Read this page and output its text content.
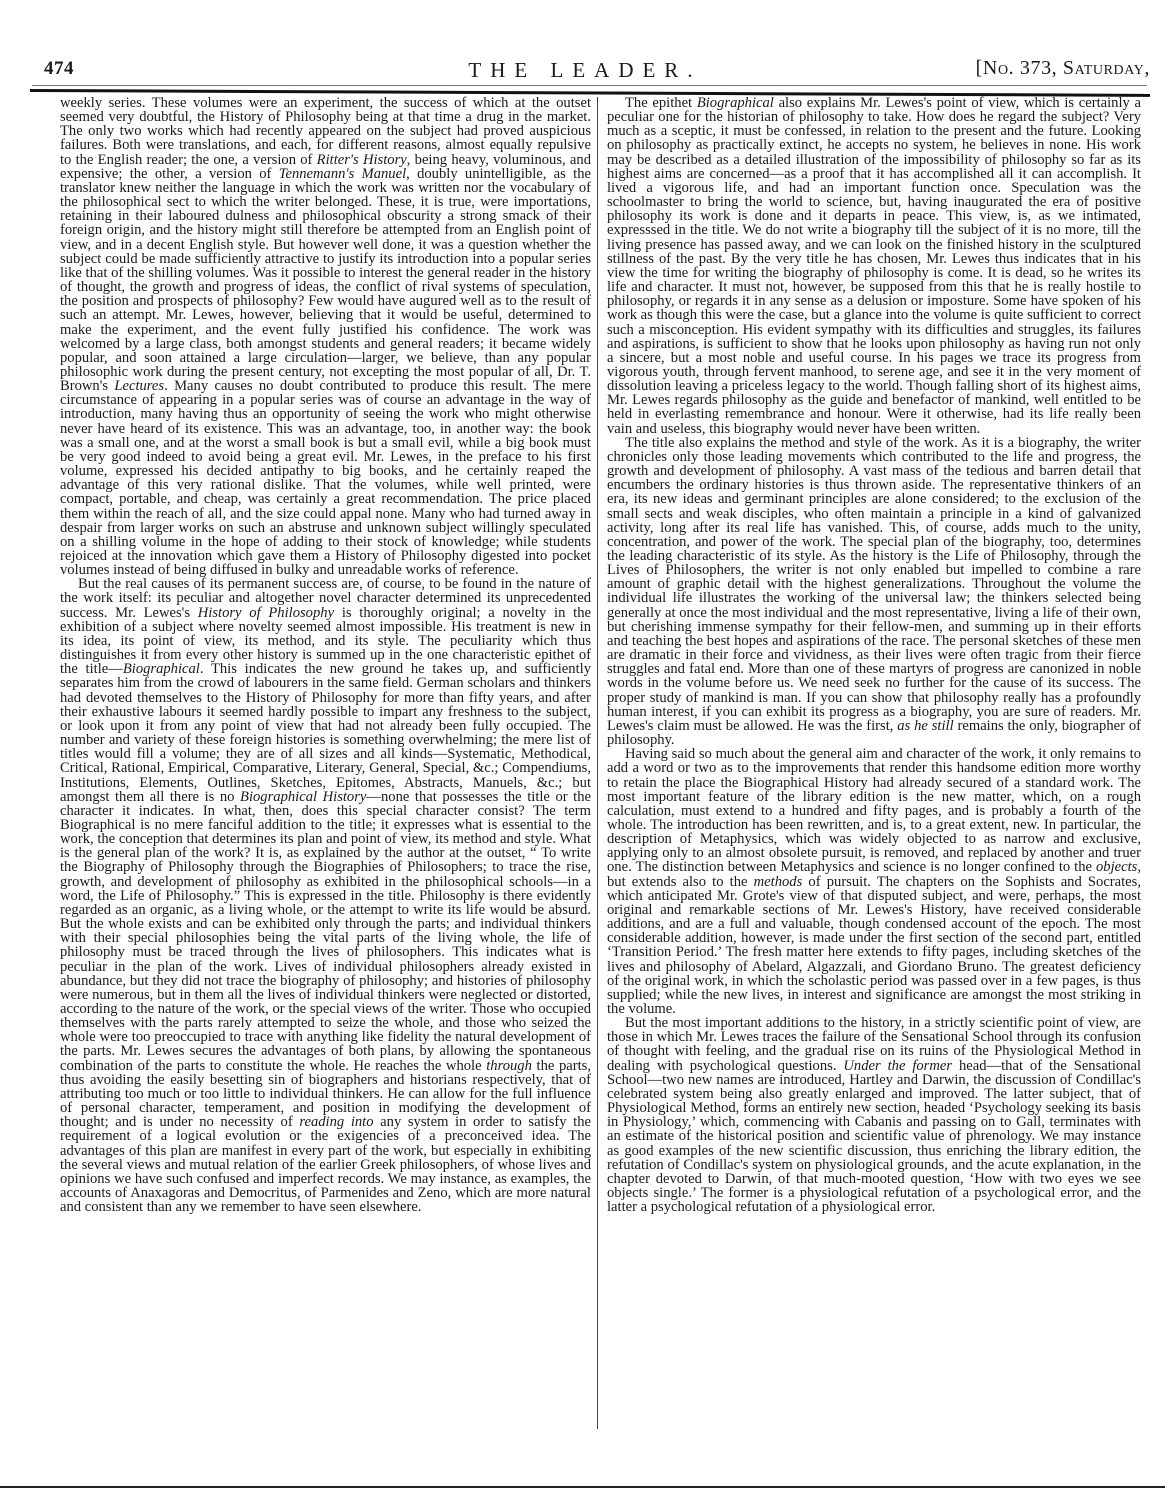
474	THE LEADER.	[No. 373, Saturday,

weekly series. These volumes were an experiment, the success of which at the outset seemed very doubtful, the History of Philosophy being at that time a drug in the market. The only two works which had recently appeared on the subject had proved auspicious failures. Both were translations, and each, for different reasons, almost equally repulsive to the English reader; the one, a version of Ritter's History, being heavy, voluminous, and expensive; the other, a version of Tennemann's Manuel, doubly unintelligible, as the translator knew neither the language in which the work was written nor the vocabulary of the philosophical sect to which the writer belonged. These, it is true, were importations, retaining in their laboured dulness and philosophical obscurity a strong smack of their foreign origin, and the history might still therefore be attempted from an English point of view, and in a decent English style. But however well done, it was a question whether the subject could be made sufficiently attractive to justify its introduction into a popular series like that of the shilling volumes. Was it possible to interest the general reader in the history of thought, the growth and progress of ideas, the conflict of rival systems of speculation, the position and prospects of philosophy? Few would have augured well as to the result of such an attempt. Mr. Lewes, however, believing that it would be useful, determined to make the experiment, and the event fully justified his confidence. The work was welcomed by a large class, both amongst students and general readers; it became widely popular, and soon attained a large circulation—larger, we believe, than any popular philosophic work during the present century, not excepting the most popular of all, Dr. T. Brown's Lectures. Many causes no doubt contributed to produce this result. The mere circumstance of appearing in a popular series was of course an advantage in the way of introduction, many having thus an opportunity of seeing the work who might otherwise never have heard of its existence. This was an advantage, too, in another way: the book was a small one, and at the worst a small book is but a small evil, while a big book must be very good indeed to avoid being a great evil. Mr. Lewes, in the preface to his first volume, expressed his decided antipathy to big books, and he certainly reaped the advantage of this very rational dislike. That the volumes, while well printed, were compact, portable, and cheap, was certainly a great recommendation. The price placed them within the reach of all, and the size could appal none. Many who had turned away in despair from larger works on such an abstruse and unknown subject willingly speculated on a shilling volume in the hope of adding to their stock of knowledge; while students rejoiced at the innovation which gave them a History of Philosophy digested into pocket volumes instead of being diffused in bulky and unreadable works of reference.

But the real causes of its permanent success are, of course, to be found in the nature of the work itself: its peculiar and altogether novel character determined its unprecedented success. Mr. Lewes's History of Philosophy is thoroughly original; a novelty in the exhibition of a subject where novelty seemed almost impossible. His treatment is new in its idea, its point of view, its method, and its style. The peculiarity which thus distinguishes it from every other history is summed up in the one characteristic epithet of the title—Biographical. This indicates the new ground he takes up, and sufficiently separates him from the crowd of labourers in the same field. German scholars and thinkers had devoted themselves to the History of Philosophy for more than fifty years, and after their exhaustive labours it seemed hardly possible to impart any freshness to the subject, or look upon it from any point of view that had not already been fully occupied. The number and variety of these foreign histories is something overwhelming; the mere list of titles would fill a volume; they are of all sizes and all kinds—Systematic, Methodical, Critical, Rational, Empirical, Comparative, Literary, General, Special, &c.; Compendiums, Institutions, Elements, Outlines, Sketches, Epitomes, Abstracts, Manuels, &c.; but amongst them all there is no Biographical History—none that possesses the title or the character it indicates. In what, then, does this special character consist? The term Biographical is no mere fanciful addition to the title; it expresses what is essential to the work, the conception that determines its plan and point of view, its method and style. What is the general plan of the work? It is, as explained by the author at the outset, “ To write the Biography of Philosophy through the Biographies of Philosophers; to trace the rise, growth, and development of philosophy as exhibited in the philosophical schools—in a word, the Life of Philosophy.” This is expressed in the title. Philosophy is there evidently regarded as an organic, as a living whole, or the attempt to write its life would be absurd. But the whole exists and can be exhibited only through the parts; and individual thinkers with their special philosophies being the vital parts of the living whole, the life of philosophy must be traced through the lives of philosophers. This indicates what is peculiar in the plan of the work. Lives of individual philosophers already existed in abundance, but they did not trace the biography of philosophy; and histories of philosophy were numerous, but in them all the lives of individual thinkers were neglected or distorted, according to the nature of the work, or the special views of the writer. Those who occupied themselves with the parts rarely attempted to seize the whole, and those who seized the whole were too preoccupied to trace with anything like fidelity the natural development of the parts. Mr. Lewes secures the advantages of both plans, by allowing the spontaneous combination of the parts to constitute the whole. He reaches the whole through the parts, thus avoiding the easily besetting sin of biographers and historians respectively, that of attributing too much or too little to individual thinkers. He can allow for the full influence of personal character, temperament, and position in modifying the development of thought; and is under no necessity of reading into any system in order to satisfy the requirement of a logical evolution or the exigencies of a preconceived idea. The advantages of this plan are manifest in every part of the work, but especially in exhibiting the several views and mutual relation of the earlier Greek philosophers, of whose lives and opinions we have such confused and imperfect records. We may instance, as examples, the accounts of Anaxagoras and Democritus, of Parmenides and Zeno, which are more natural and consistent than any we remember to have seen elsewhere.

The epithet Biographical also explains Mr. Lewes's point of view, which is certainly a peculiar one for the historian of philosophy to take. How does he regard the subject? Very much as a sceptic, it must be confessed, in relation to the present and the future. Looking on philosophy as practically extinct, he accepts no system, he believes in none. His work may be described as a detailed illustration of the impossibility of philosophy so far as its highest aims are concerned—as a proof that it has accomplished all it can accomplish. It lived a vigorous life, and had an important function once. Speculation was the schoolmaster to bring the world to science, but, having inaugurated the era of positive philosophy its work is done and it departs in peace. This view, is, as we intimated, expresssed in the title. We do not write a biography till the subject of it is no more, till the living presence has passed away, and we can look on the finished history in the sculptured stillness of the past. By the very title he has chosen, Mr. Lewes thus indicates that in his view the time for writing the biography of philosophy is come. It is dead, so he writes its life and character. It must not, however, be supposed from this that he is really hostile to philosophy, or regards it in any sense as a delusion or imposture. Some have spoken of his work as though this were the case, but a glance into the volume is quite sufficient to correct such a misconception. His evident sympathy with its difficulties and struggles, its failures and aspirations, is sufficient to show that he looks upon philosophy as having run not only a sincere, but a most noble and useful course. In his pages we trace its progress from vigorous youth, through fervent manhood, to serene age, and see it in the very moment of dissolution leaving a priceless legacy to the world. Though falling short of its highest aims, Mr. Lewes regards philosophy as the guide and benefactor of mankind, well entitled to be held in everlasting remembrance and honour. Were it otherwise, had its life really been vain and useless, this biography would never have been written.

The title also explains the method and style of the work. As it is a biography, the writer chronicles only those leading movements which contributed to the life and progress, the growth and development of philosophy. A vast mass of the tedious and barren detail that encumbers the ordinary histories is thus thrown aside. The representative thinkers of an era, its new ideas and germinant principles are alone considered; to the exclusion of the small sects and weak disciples, who often maintain a principle in a kind of galvanized activity, long after its real life has vanished. This, of course, adds much to the unity, concentration, and power of the work. The special plan of the biography, too, determines the leading characteristic of its style. As the history is the Life of Philosophy, through the Lives of Philosophers, the writer is not only enabled but impelled to combine a rare amount of graphic detail with the highest generalizations. Throughout the volume the individual life illustrates the working of the universal law; the thinkers selected being generally at once the most individual and the most representative, living a life of their own, but cherishing immense sympathy for their fellow-men, and summing up in their efforts and teaching the best hopes and aspirations of the race. The personal sketches of these men are dramatic in their force and vividness, as their lives were often tragic from their fierce struggles and fatal end. More than one of these martyrs of progress are canonized in noble words in the volume before us. We need seek no further for the cause of its success. The proper study of mankind is man. If you can show that philosophy really has a profoundly human interest, if you can exhibit its progress as a biography, you are sure of readers. Mr. Lewes's claim must be allowed. He was the first, as he still remains the only, biographer of philosophy.

Having said so much about the general aim and character of the work, it only remains to add a word or two as to the improvements that render this handsome edition more worthy to retain the place the Biographical History had already secured of a standard work. The most important feature of the library edition is the new matter, which, on a rough calculation, must extend to a hundred and fifty pages, and is probably a fourth of the whole. The introduction has been rewritten, and is, to a great extent, new. In particular, the description of Metaphysics, which was widely objected to as narrow and exclusive, applying only to an almost obsolete pursuit, is removed, and replaced by another and truer one. The distinction between Metaphysics and science is no longer confined to the objects, but extends also to the methods of pursuit. The chapters on the Sophists and Socrates, which anticipated Mr. Grote's view of that disputed subject, and were, perhaps, the most original and remarkable sections of Mr. Lewes's History, have received considerable additions, and are a full and valuable, though condensed account of the epoch. The most considerable addition, however, is made under the first section of the second part, entitled ‘Transition Period.’ The fresh matter here extends to fifty pages, including sketches of the lives and philosophy of Abelard, Algazzali, and Giordano Bruno. The greatest deficiency of the original work, in which the scholastic period was passed over in a few pages, is thus supplied; while the new lives, in interest and significance are amongst the most striking in the volume.

But the most important additions to the history, in a strictly scientific point of view, are those in which Mr. Lewes traces the failure of the Sensational School through its confusion of thought with feeling, and the gradual rise on its ruins of the Physiological Method in dealing with psychological questions. Under the former head—that of the Sensational School—two new names are introduced, Hartley and Darwin, the discussion of Condillac's celebrated system being also greatly enlarged and improved. The latter subject, that of Physiological Method, forms an entirely new section, headed ‘Psychology seeking its basis in Physiology,’ which, commencing with Cabanis and passing on to Gall, terminates with an estimate of the historical position and scientific value of phrenology. We may instance as good examples of the new scientific discussion, thus enriching the library edition, the refutation of Condillac's system on physiological grounds, and the acute explanation, in the chapter devoted to Darwin, of that much-mooted question, ‘How with two eyes we see objects single.’ The former is a physiological refutation of a psychological error, and the latter a psychological refutation of a physiological error.
